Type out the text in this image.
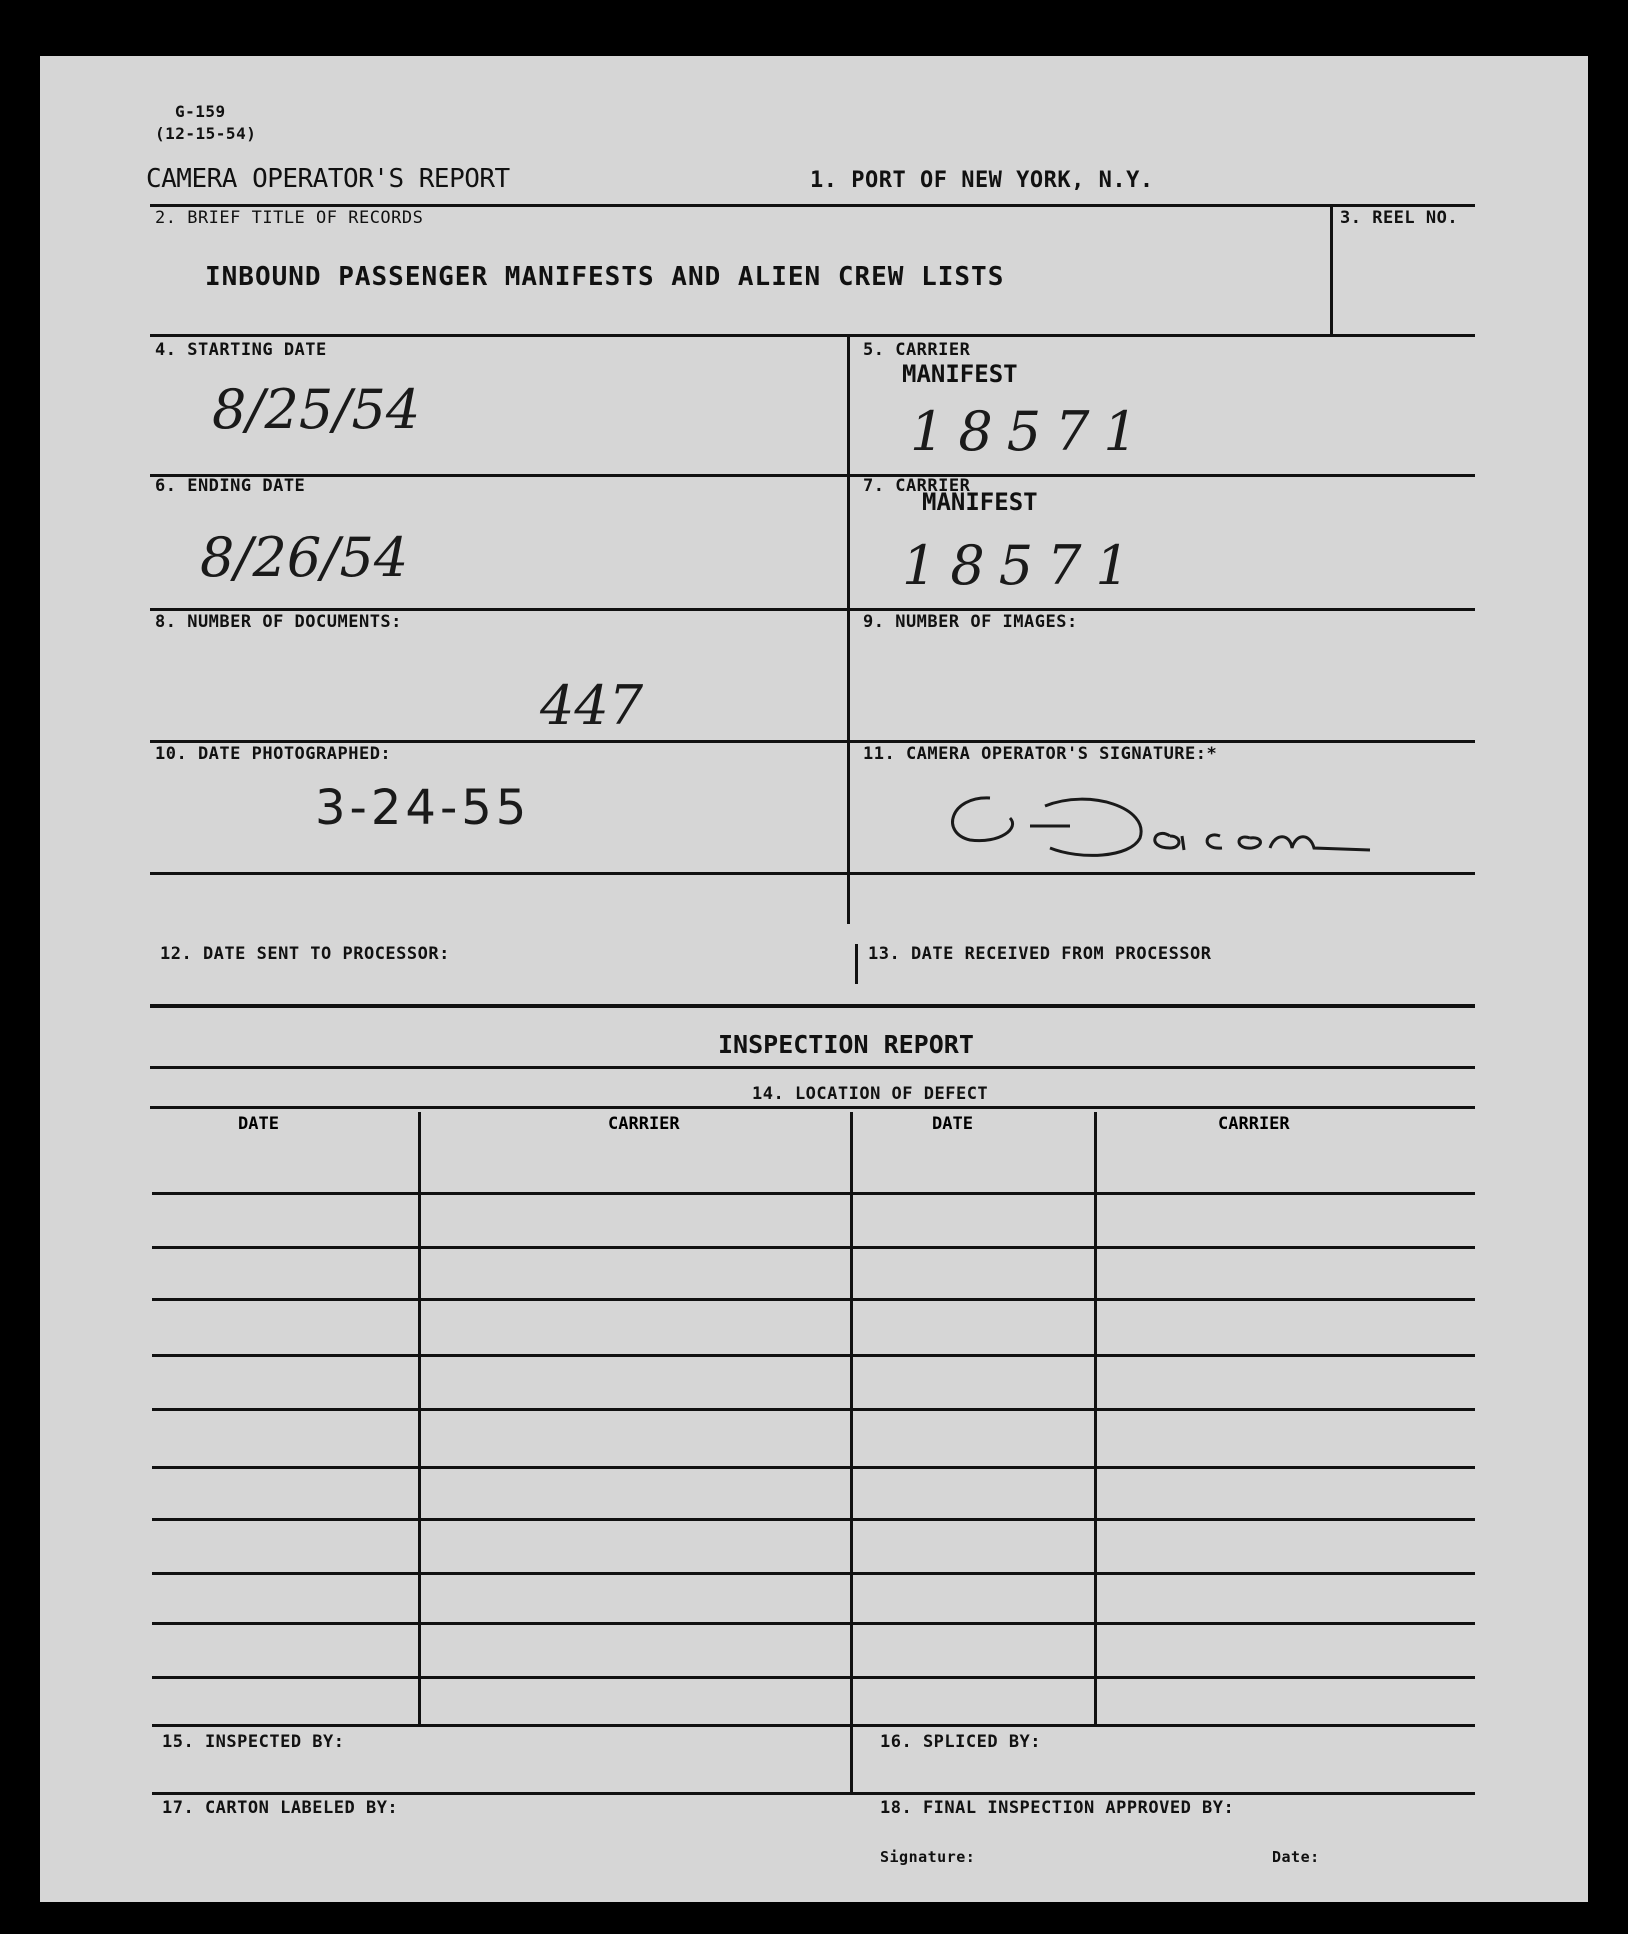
G-159
(12-15-54)
CAMERA OPERATOR'S REPORT	1. PORT OF NEW YORK, N.Y.
2. BRIEF TITLE OF RECORDS
INBOUND PASSENGER MANIFESTS AND ALIEN CREW LISTS
3. REEL NO.
4. STARTING DATE
8/25/54
5. CARRIER
MANIFEST
18571
6. ENDING DATE
8/26/54
7. CARRIER
MANIFEST
18571
8. NUMBER OF DOCUMENTS:
447
9. NUMBER OF IMAGES:
10. DATE PHOTOGRAPHED:
3-24-55
11. CAMERA OPERATOR'S SIGNATURE:*
12. DATE SENT TO PROCESSOR:	13. DATE RECEIVED FROM PROCESSOR
INSPECTION REPORT
14. LOCATION OF DEFECT
DATE	CARRIER	DATE	CARRIER
15. INSPECTED BY:	16. SPLICED BY:
17. CARTON LABELED BY:	18. FINAL INSPECTION APPROVED BY:
Signature:	Date:
